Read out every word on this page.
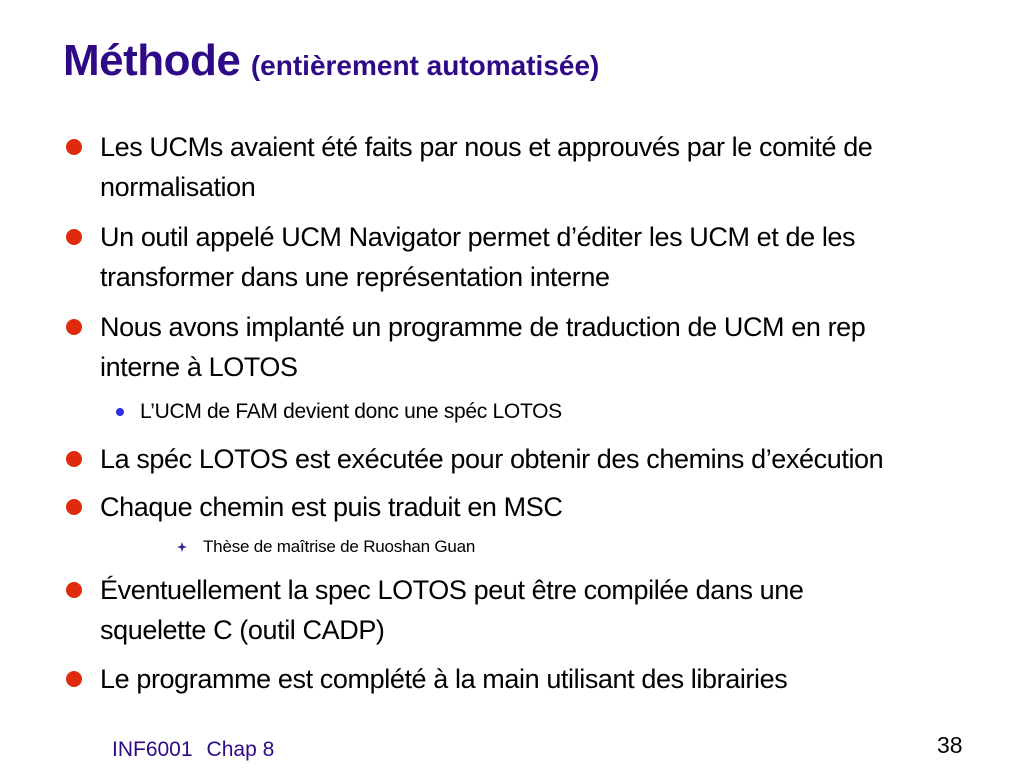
Méthode (entièrement automatisée)
Les UCMs avaient été faits par nous et approuvés par le comité de
normalisation
Un outil appelé UCM Navigator permet d’éditer les UCM et de les
transformer dans une représentation interne
Nous avons implanté un programme de traduction de UCM en rep
interne à LOTOS
L’UCM de FAM devient donc une spéc LOTOS
La spéc LOTOS est exécutée pour obtenir des chemins d’exécution
Chaque chemin est puis traduit en MSC
Thèse de maîtrise de Ruoshan Guan
Éventuellement la spec LOTOS peut être compilée dans une
squelette C (outil CADP)
Le programme est complété à la main utilisant des librairies
INF6001 Chap 8	38
